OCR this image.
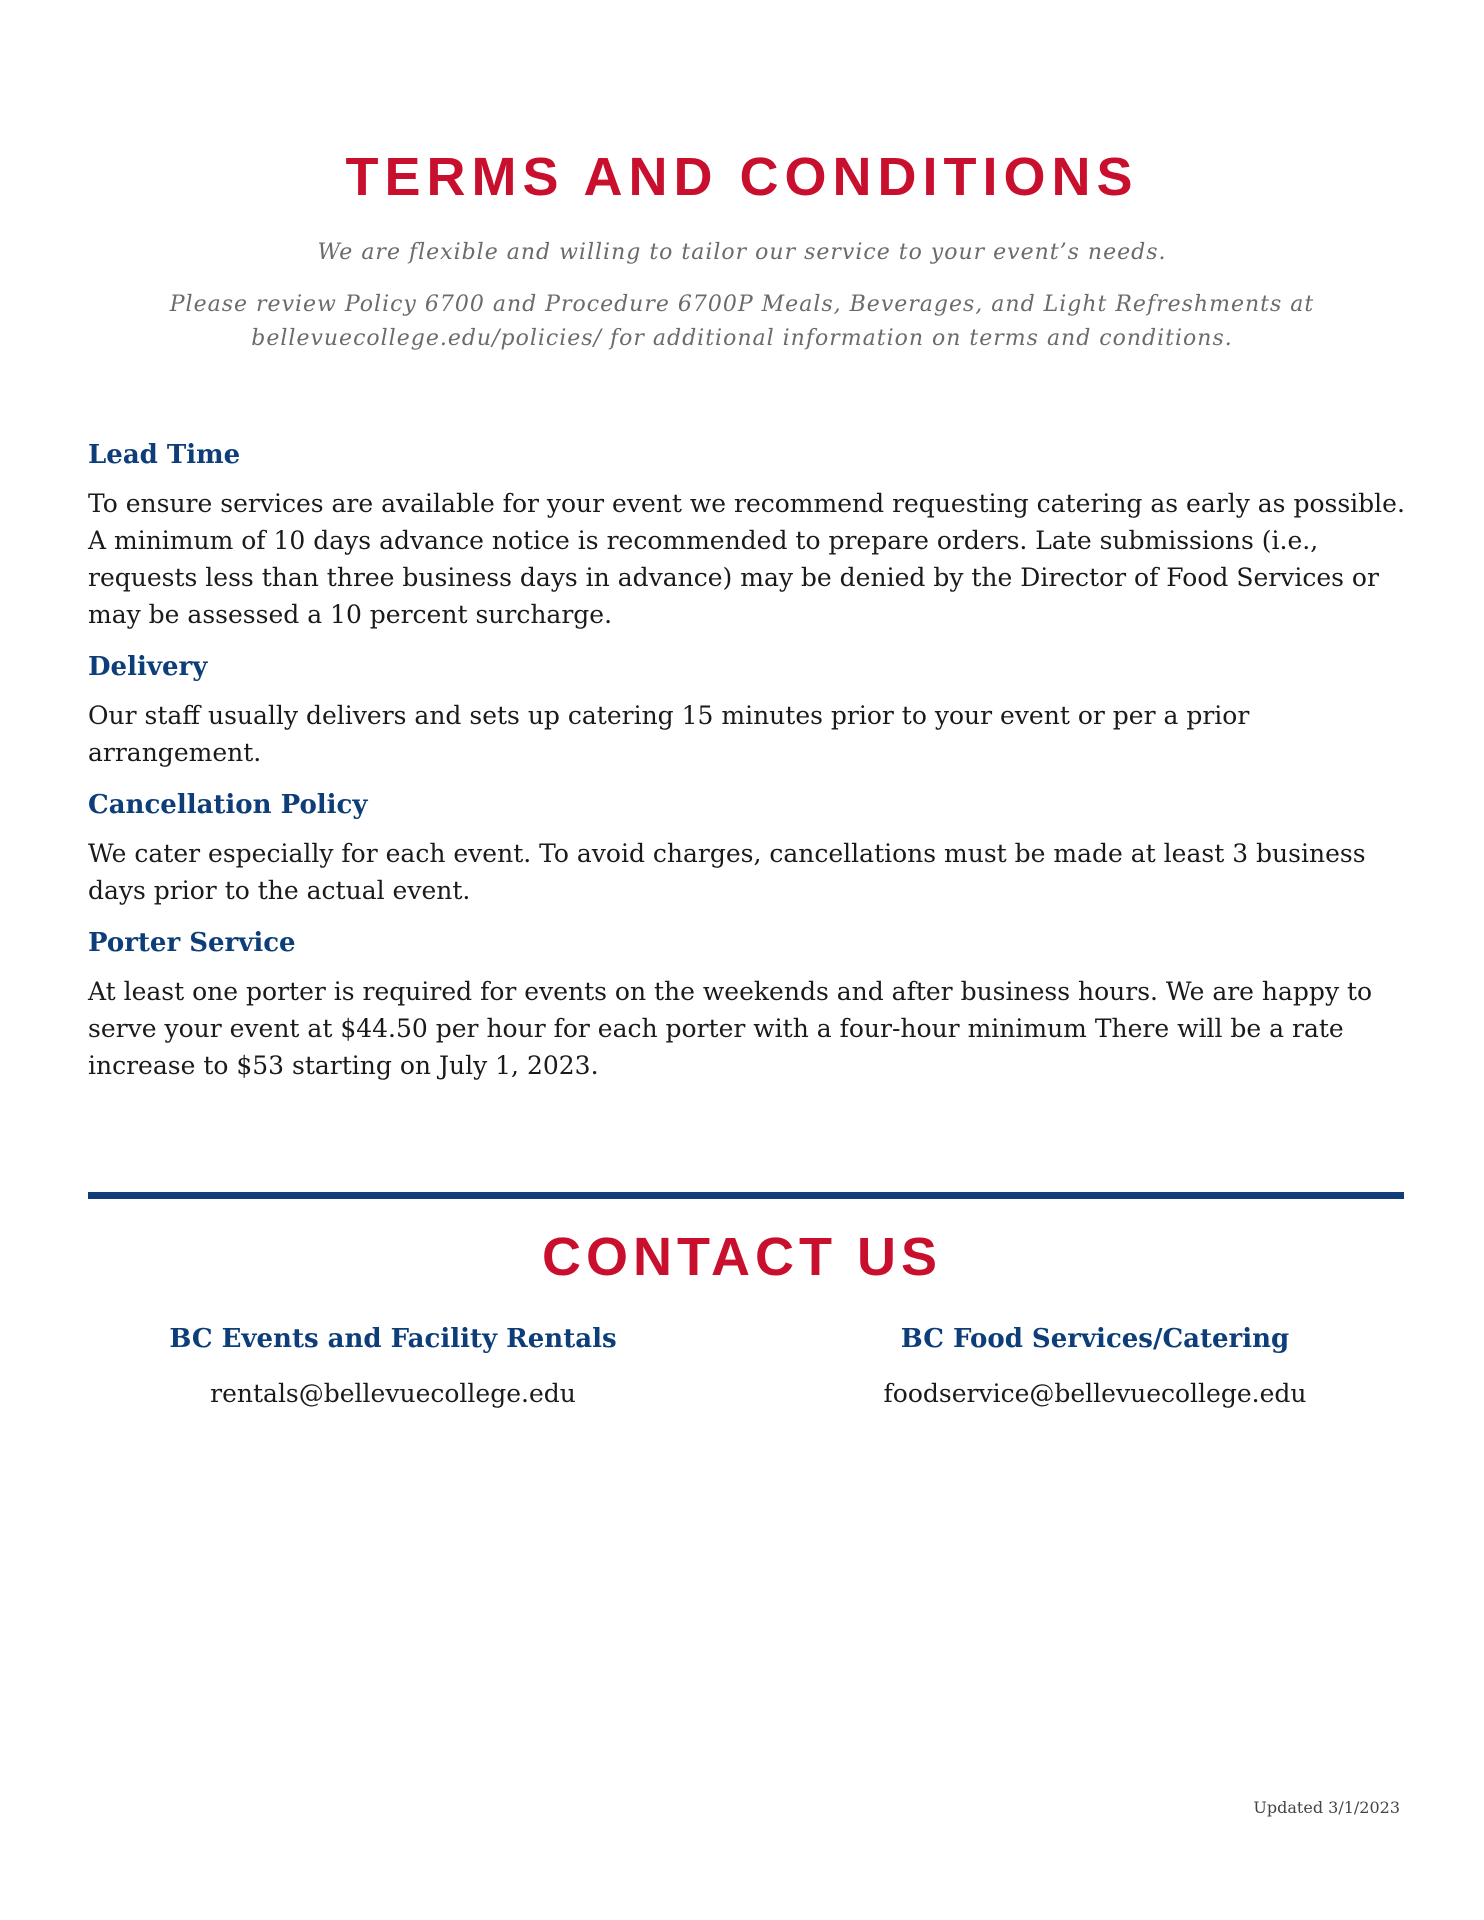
TERMS AND CONDITIONS

We are flexible and willing to tailor our service to your event’s needs.

Please review Policy 6700 and Procedure 6700P Meals, Beverages, and Light Refreshments at bellevuecollege.edu/policies/ for additional information on terms and conditions.

Lead Time

To ensure services are available for your event we recommend requesting catering as early as possible. A minimum of 10 days advance notice is recommended to prepare orders. Late submissions (i.e., requests less than three business days in advance) may be denied by the Director of Food Services or may be assessed a 10 percent surcharge.

Delivery

Our staff usually delivers and sets up catering 15 minutes prior to your event or per a prior arrangement.

Cancellation Policy

We cater especially for each event. To avoid charges, cancellations must be made at least 3 business days prior to the actual event.

Porter Service

At least one porter is required for events on the weekends and after business hours. We are happy to serve your event at $44.50 per hour for each porter with a four-hour minimum There will be a rate increase to $53 starting on July 1, 2023.

CONTACT US

BC Events and Facility Rentals

rentals@bellevuecollege.edu

BC Food Services/Catering

foodservice@bellevuecollege.edu

Updated 3/1/2023
